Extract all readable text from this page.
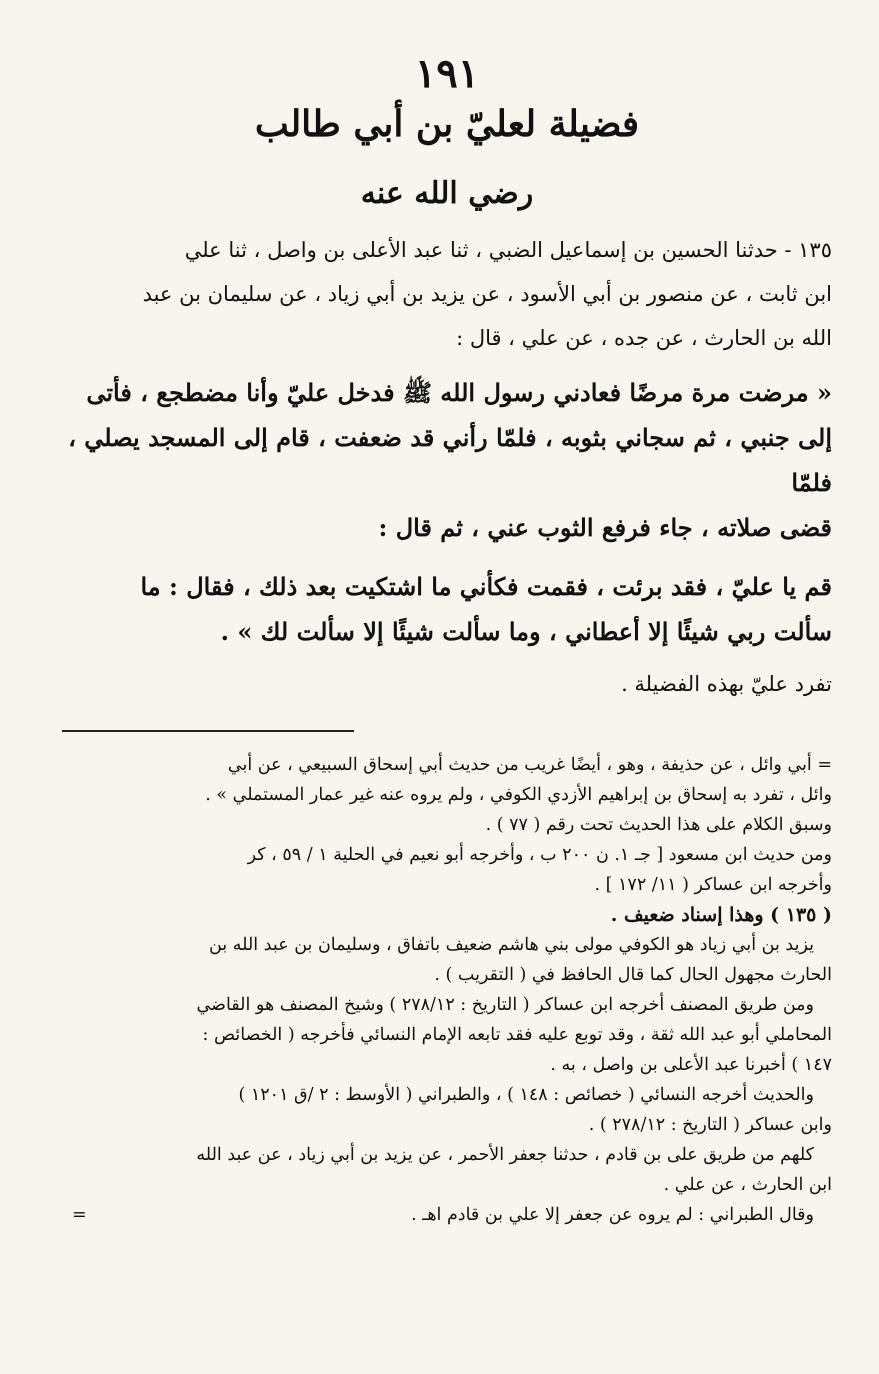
١٩١
فضيلة لعليّ بن أبي طالب
رضي الله عنه
١٣٥ - حدثنا الحسين بن إسماعيل الضبي ، ثنا عبد الأعلى بن واصل ، ثنا علي
ابن ثابت ، عن منصور بن أبي الأسود ، عن يزيد بن أبي زياد ، عن سليمان بن عبد
الله بن الحارث ، عن جده ، عن علي ، قال :
« مرضت مرة مرضًا فعادني رسول الله ﷺ فدخل عليّ وأنا مضطجع ، فأتى
إلى جنبي ، ثم سجاني بثوبه ، فلمّا رأني قد ضعفت ، قام إلى المسجد يصلي ، فلمّا
قضى صلاته ، جاء فرفع الثوب عني ، ثم قال :
قم يا عليّ ، فقد برئت ، فقمت فكأني ما اشتكيت بعد ذلك ، فقال : ما
سألت ربي شيئًا إلا أعطاني ، وما سألت شيئًا إلا سألت لك » .
تفرد عليّ بهذه الفضيلة .
= أبي وائل ، عن حذيفة ، وهو ، أيضًا غريب من حديث أبي إسحاق السبيعي ، عن أبي
وائل ، تفرد به إسحاق بن إبراهيم الأزدي الكوفي ، ولم يروه عنه غير عمار المستملي » .
وسبق الكلام على هذا الحديث تحت رقم ( ٧٧ ) .
ومن حديث ابن مسعود [ جـ ١. ن ٢٠٠ ب ، وأخرجه أبو نعيم في الحلية ١ / ٥٩ ، كر
وأخرجه ابن عساكر ( ١١/ ١٧٢ ] .
( ١٣٥ ) وهذا إسناد ضعيف .
يزيد بن أبي زياد هو الكوفي مولى بني هاشم ضعيف باتفاق ، وسليمان بن عبد الله بن
الحارث مجهول الحال كما قال الحافظ في ( التقريب ) .
ومن طريق المصنف أخرجه ابن عساكر ( التاريخ : ٢٧٨/١٢ ) وشيخ المصنف هو القاضي
المحاملي أبو عبد الله ثقة ، وقد توبع عليه فقد تابعه الإمام النسائي فأخرجه ( الخصائص :
١٤٧ ) أخبرنا عبد الأعلى بن واصل ، به .
والحديث أخرجه النسائي ( خصائص : ١٤٨ ) ، والطبراني ( الأوسط : ٢ /ق ١٢٠١ )
وابن عساكر ( التاريخ : ٢٧٨/١٢ ) .
كلهم من طريق على بن قادم ، حدثنا جعفر الأحمر ، عن يزيد بن أبي زياد ، عن عبد الله
ابن الحارث ، عن علي .
وقال الطبراني : لم يروه عن جعفر إلا علي بن قادم اهـ .
=
